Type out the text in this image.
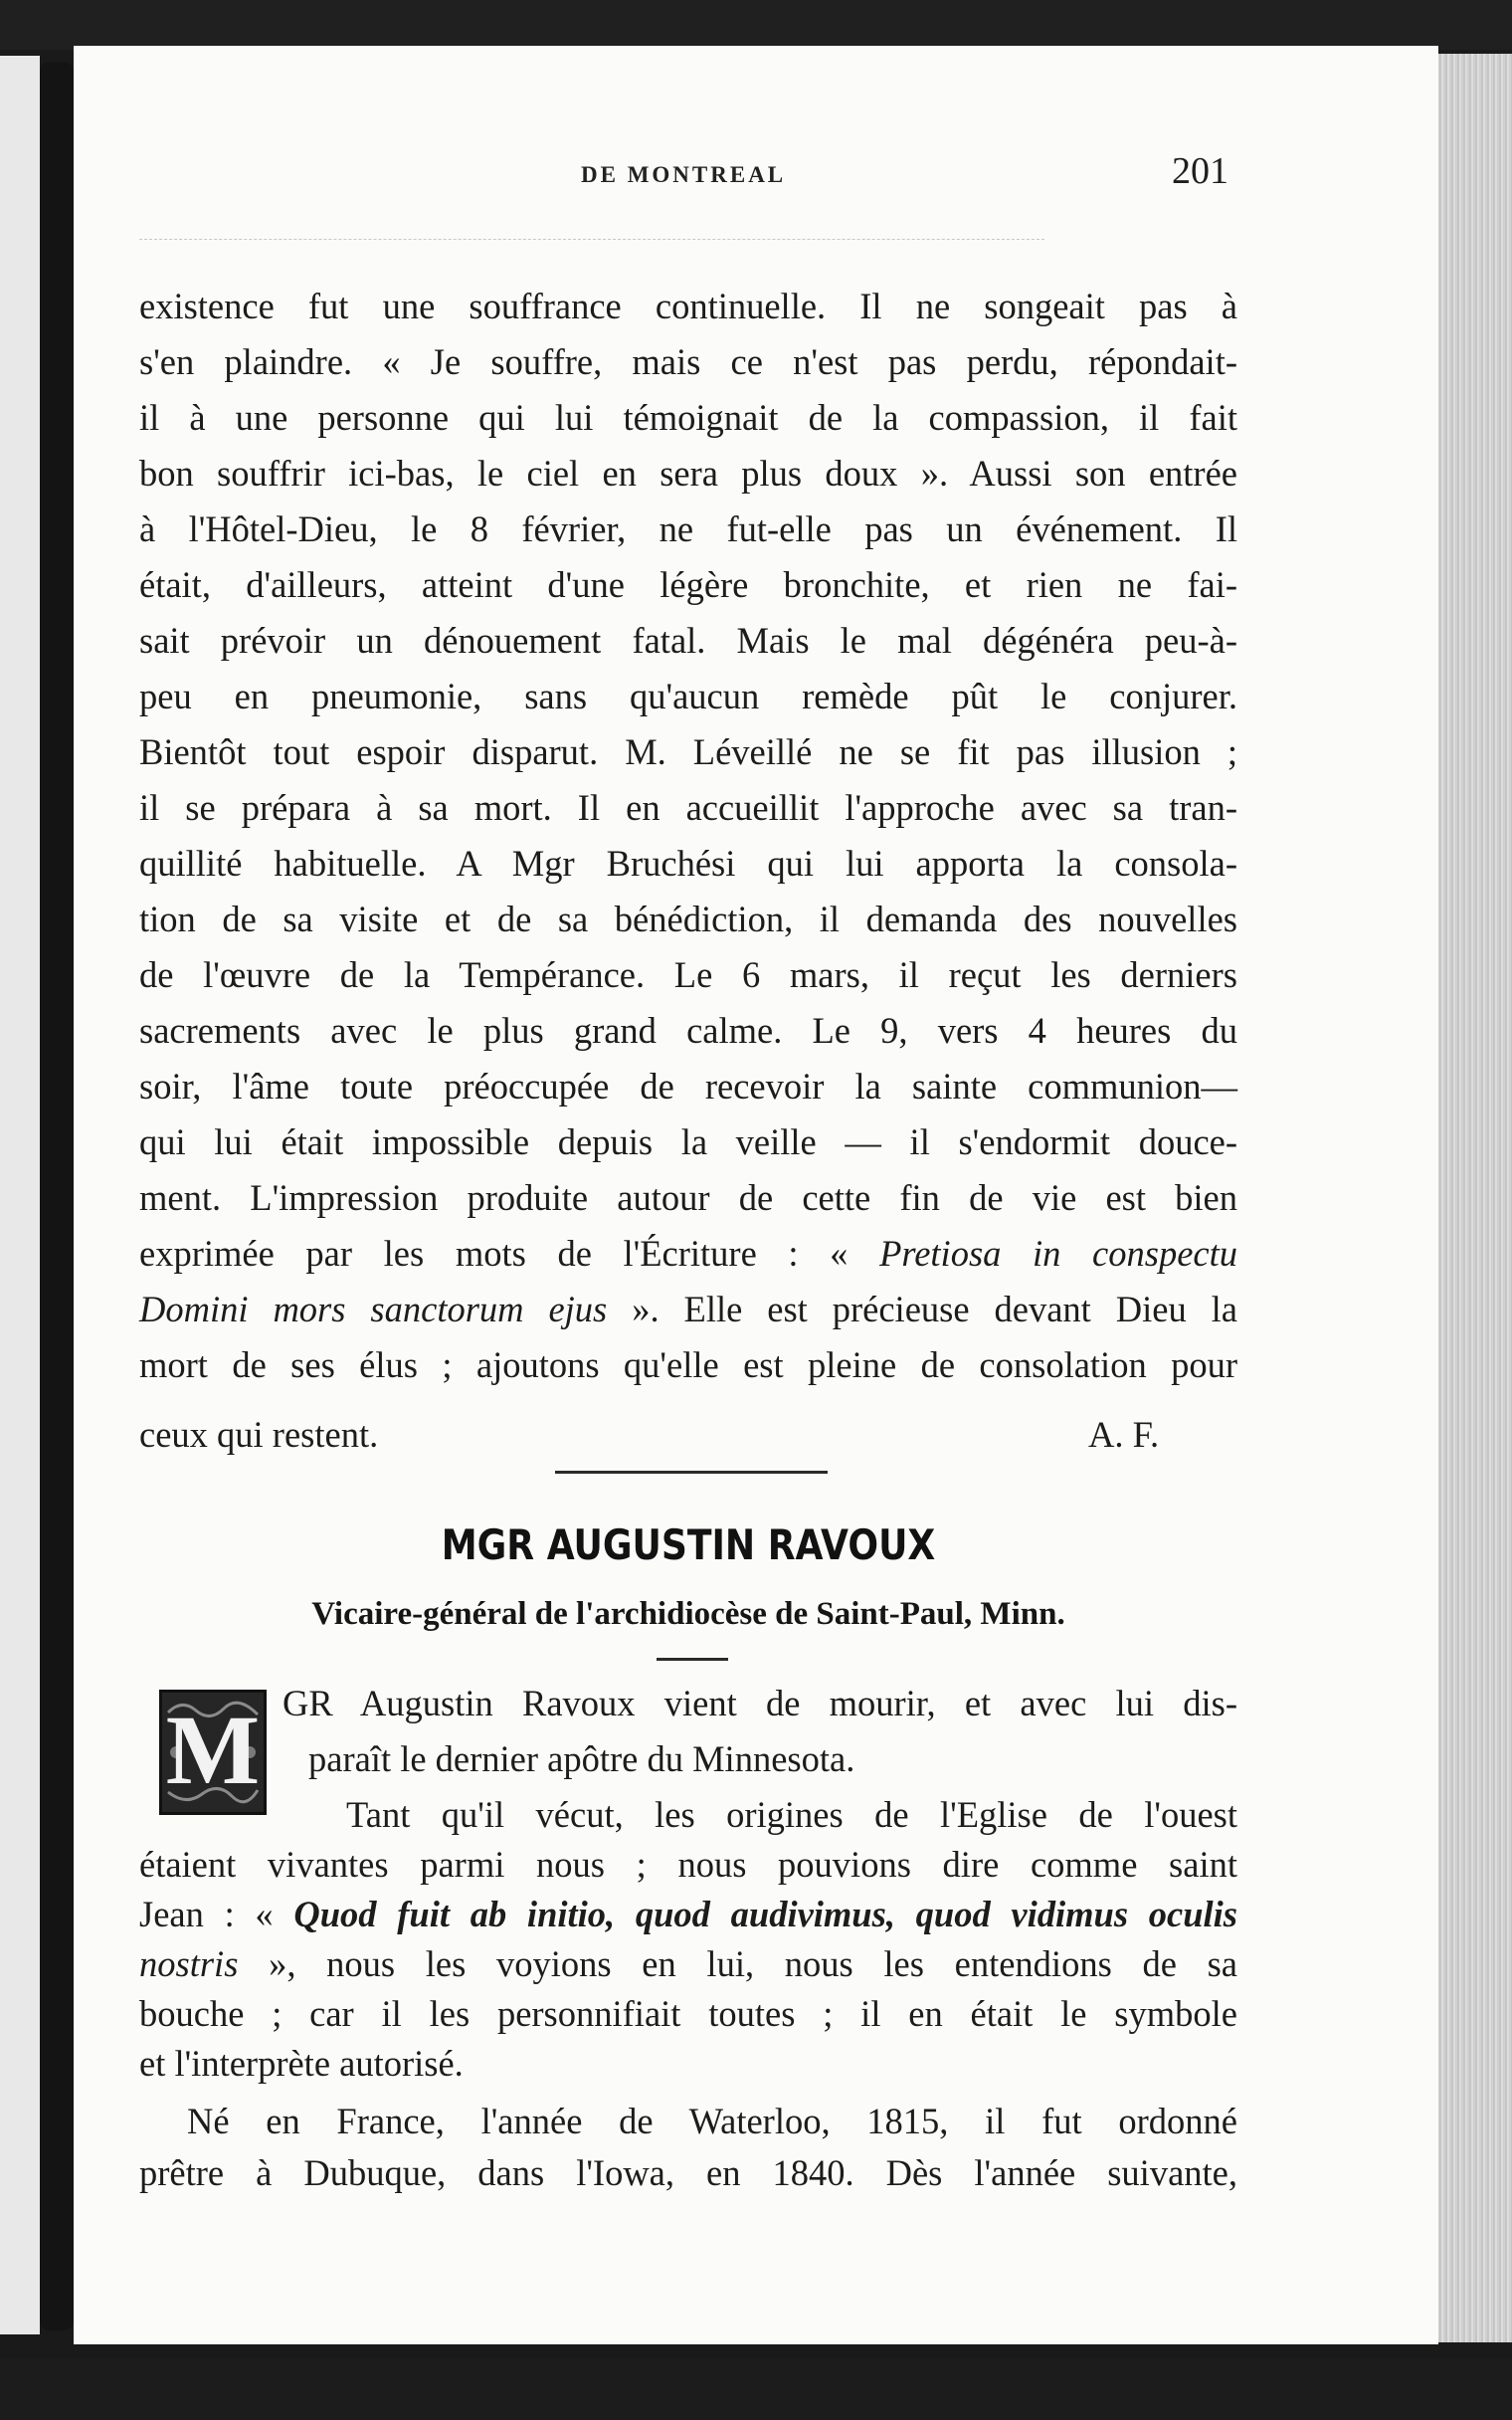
DE MONTREAL	201

existence fut une souffrance continuelle. Il ne songeait pas à

s'en plaindre. « Je souffre, mais ce n'est pas perdu, répondait-

il à une personne qui lui témoignait de la compassion, il fait

bon souffrir ici-bas, le ciel en sera plus doux ». Aussi son entrée

à l'Hôtel-Dieu, le 8 février, ne fut-elle pas un événement. Il

était, d'ailleurs, atteint d'une légère bronchite, et rien ne fai-

sait prévoir un dénouement fatal. Mais le mal dégénéra peu-à-

peu en pneumonie, sans qu'aucun remède pût le conjurer.

Bientôt tout espoir disparut. M. Léveillé ne se fit pas illusion ;

il se prépara à sa mort. Il en accueillit l'approche avec sa tran-

quillité habituelle. A Mgr Bruchési qui lui apporta la consola-

tion de sa visite et de sa bénédiction, il demanda des nouvelles

de l'œuvre de la Tempérance. Le 6 mars, il reçut les derniers

sacrements avec le plus grand calme. Le 9, vers 4 heures du

soir, l'âme toute préoccupée de recevoir la sainte communion—

qui lui était impossible depuis la veille — il s'endormit douce-

ment. L'impression produite autour de cette fin de vie est bien

exprimée par les mots de l'Écriture : « Pretiosa in conspectu

Domini mors sanctorum ejus ». Elle est précieuse devant Dieu la

mort de ses élus ; ajoutons qu'elle est pleine de consolation pour

ceux qui restent.	A. F.
MGR AUGUSTIN RAVOUX
Vicaire-général de l'archidiocèse de Saint-Paul, Minn.
M GR Augustin Ravoux vient de mourir, et avec lui dis-

paraît le dernier apôtre du Minnesota.

Tant qu'il vécut, les origines de l'Eglise de l'ouest

étaient vivantes parmi nous ; nous pouvions dire comme saint

Jean : « Quod fuit ab initio, quod audivimus, quod vidimus oculis

nostris », nous les voyions en lui, nous les entendions de sa

bouche ; car il les personnifiait toutes ; il en était le symbole

et l'interprète autorisé.

Né en France, l'année de Waterloo, 1815, il fut ordonné

prêtre à Dubuque, dans l'Iowa, en 1840. Dès l'année suivante,
